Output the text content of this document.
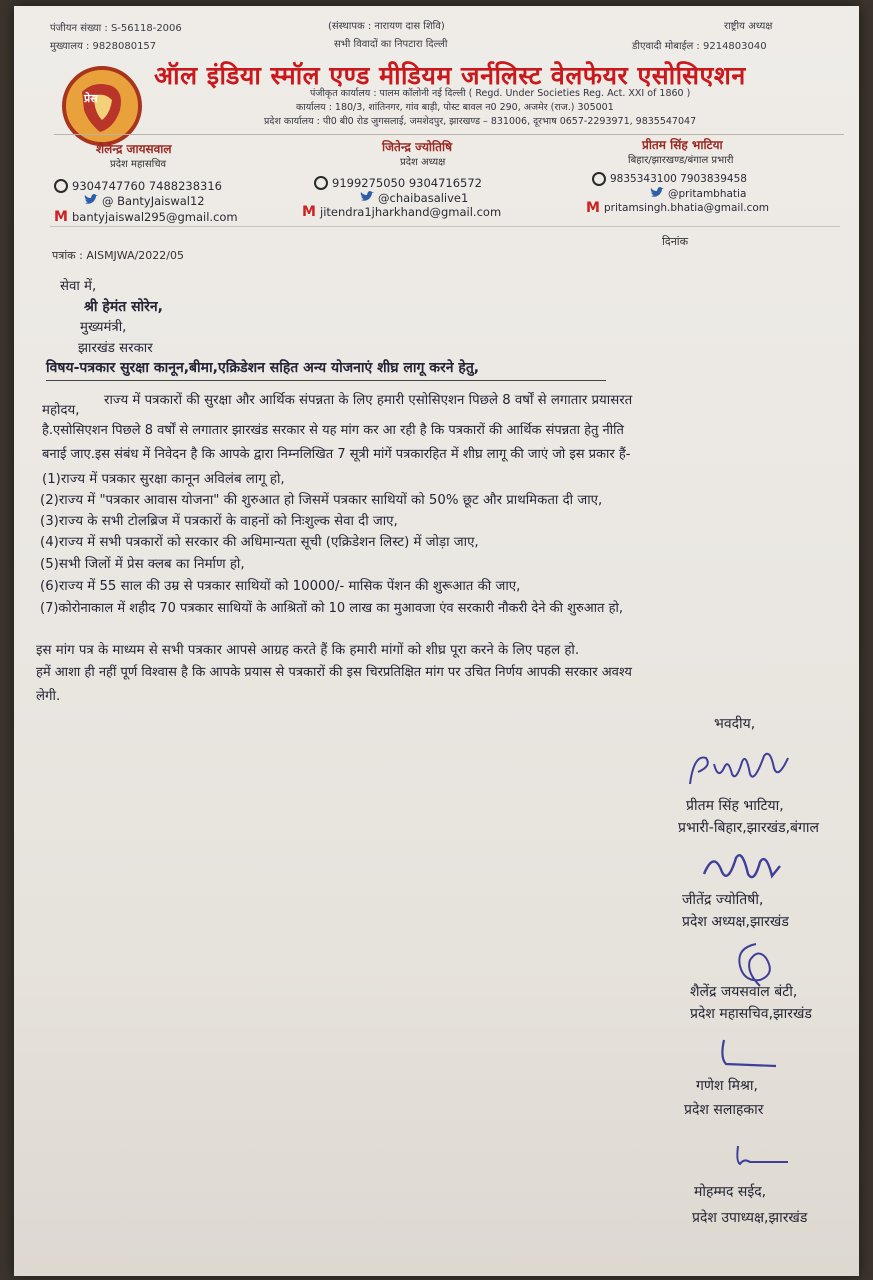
पंजीयन संख्या : S-56118-2006
मुख्यालय : 9828080157
(संस्थापक : नारायण दास शिवि)
सभी विवादों का निपटारा दिल्ली
राष्ट्रीय अध्यक्ष
डीएवादी मोबाईल : 9214803040
प्रेस
ऑल इंडिया स्मॉल एण्ड मीडियम जर्नलिस्ट वेलफेयर एसोसिएशन
पंजीकृत कार्यालय : पालम कॉलोनी नई दिल्ली ( Regd. Under Societies Reg. Act. XXI of 1860 )
कार्यालय : 180/3, शांतिनगर, गांव बाड़ी, पोस्ट बावल न0 290, अजमेर (राज.) 305001
प्रदेश कार्यालय : पी0 बी0 रोड जुगसलाई, जमशेदपुर, झारखण्ड – 831006, दूरभाष 0657-2293971, 9835547047
शैलेन्द्र जायसवाल
प्रदेश महासचिव
जितेन्द्र ज्योतिषि
प्रदेश अध्यक्ष
प्रीतम सिंह भाटिया
बिहार/झारखण्ड/बंगाल प्रभारी
9304747760 7488238316
@ BantyJaiswal12
M bantyjaiswal295@gmail.com
9199275050 9304716572
@chaibasalive1
M jitendra1jharkhand@gmail.com
9835343100 7903839458
@pritambhatia
M pritamsingh.bhatia@gmail.com
पत्रांक : AISMJWA/2022/05
दिनांक
सेवा में,
श्री हेमंत सोरेन,
मुख्यमंत्री,
झारखंड सरकार
विषय-पत्रकार सुरक्षा कानून,बीमा,एक्रिडेशन सहित अन्य योजनाएं शीघ्र लागू करने हेतु,
महोदय,
राज्य में पत्रकारों की सुरक्षा और आर्थिक संपन्नता के लिए हमारी एसोसिएशन पिछले 8 वर्षों से लगातार प्रयासरत
है.एसोसिएशन पिछले 8 वर्षों से लगातार झारखंड सरकार से यह मांग कर आ रही है कि पत्रकारों की आर्थिक संपन्नता हेतु नीति
बनाई जाए.इस संबंध में निवेदन है कि आपके द्वारा निम्नलिखित 7 सूत्री मांगें पत्रकारहित में शीघ्र लागू की जाएं जो इस प्रकार हैं-
(1)राज्य में पत्रकार सुरक्षा कानून अविलंब लागू हो,
(2)राज्य में "पत्रकार आवास योजना" की शुरुआत हो जिसमें पत्रकार साथियों को 50% छूट और प्राथमिकता दी जाए,
(3)राज्य के सभी टोलब्रिज में पत्रकारों के वाहनों को निःशुल्क सेवा दी जाए,
(4)राज्य में सभी पत्रकारों को सरकार की अधिमान्यता सूची (एक्रिडेशन लिस्ट) में जोड़ा जाए,
(5)सभी जिलों में प्रेस क्लब का निर्माण हो,
(6)राज्य में 55 साल की उम्र से पत्रकार साथियों को 10000/- मासिक पेंशन की शुरूआत की जाए,
(7)कोरोनाकाल में शहीद 70 पत्रकार साथियों के आश्रितों को 10 लाख का मुआवजा एंव सरकारी नौकरी देने की शुरुआत हो,
इस मांग पत्र के माध्यम से सभी पत्रकार आपसे आग्रह करते हैं कि हमारी मांगों को शीघ्र पूरा करने के लिए पहल हो.
हमें आशा ही नहीं पूर्ण विश्वास है कि आपके प्रयास से पत्रकारों की इस चिरप्रतिक्षित मांग पर उचित निर्णय आपकी सरकार अवश्य
लेगी.
भवदीय,
प्रीतम सिंह भाटिया,
प्रभारी-बिहार,झारखंड,बंगाल
जीतेंद्र ज्योतिषी,
प्रदेश अध्यक्ष,झारखंड
शैलेंद्र जयसवाल बंटी,
प्रदेश महासचिव,झारखंड
गणेश मिश्रा,
प्रदेश सलाहकार
मोहम्मद सईद,
प्रदेश उपाध्यक्ष,झारखंड
